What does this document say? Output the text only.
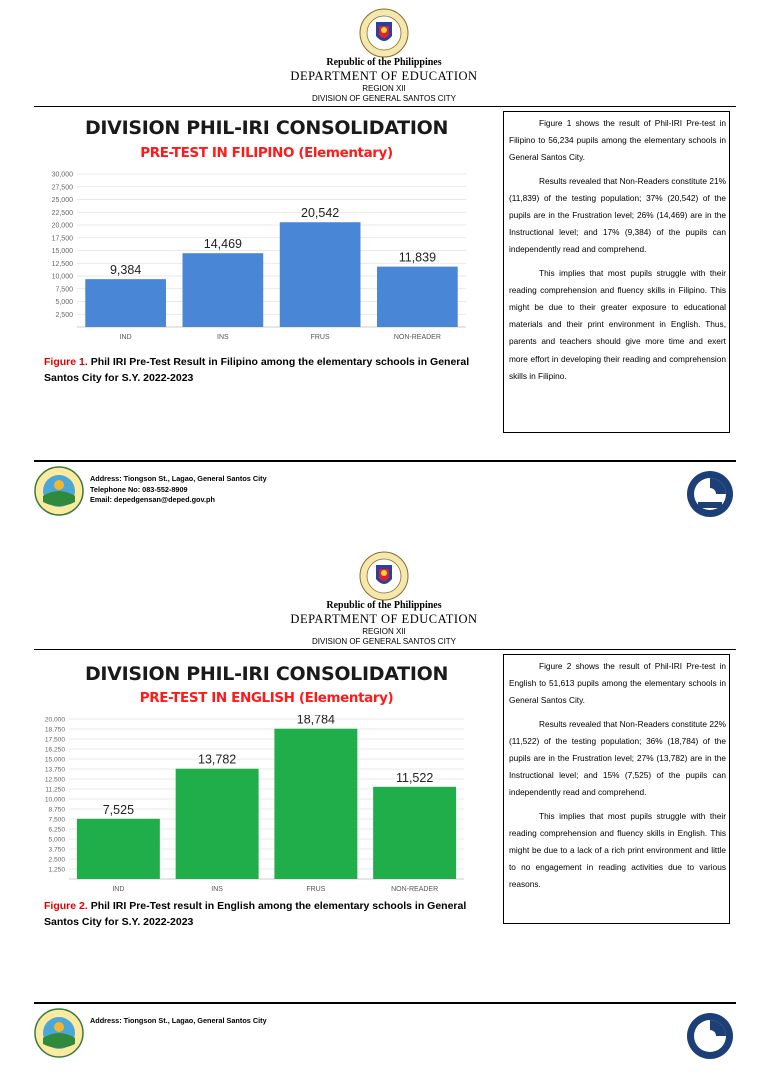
Republic of the Philippines
DEPARTMENT OF EDUCATION
REGION XII
DIVISION OF GENERAL SANTOS CITY
DIVISION PHIL-IRI CONSOLIDATION
PRE-TEST IN FILIPINO (Elementary)
2,500
5,000
7,500
10,000
12,500
15,000
17,500
20,000
22,500
25,000
27,500
30,000
9,384
IND
14,469
INS
20,542
FRUS
11,839
NON-READER
Figure 1. Phil IRI Pre-Test Result in Filipino among the elementary schools in General Santos City for S.Y. 2022-2023

Figure 1 shows the result of Phil-IRI Pre-test in Filipino to 56,234 pupils among the elementary schools in General Santos City.

Results revealed that Non-Readers constitute 21% (11,839) of the testing population; 37% (20,542) of the pupils are in the Frustration level; 26% (14,469) are in the Instructional level; and 17% (9,384) of the pupils can independently read and comprehend.

This implies that most pupils struggle with their reading comprehension and fluency skills in Filipino. This might be due to their greater exposure to educational materials and their print environment in English. Thus, parents and teachers should give more time and exert more effort in developing their reading and comprehension skills in Filipino.

Address: Tiongson St., Lagao, General Santos City
Telephone No: 083-552-8909
Email: depedgensan@deped.gov.ph
Republic of the Philippines
DEPARTMENT OF EDUCATION
REGION XII
DIVISION OF GENERAL SANTOS CITY
DIVISION PHIL-IRI CONSOLIDATION
PRE-TEST IN ENGLISH (Elementary)
1,250
2,500
3,750
5,000
6,250
7,500
8,750
10,000
11,250
12,500
13,750
15,000
16,250
17,500
18,750
20,000
7,525
IND
13,782
INS
18,784
FRUS
11,522
NON-READER
Figure 2. Phil IRI Pre-Test result in English among the elementary schools in General Santos City for S.Y. 2022-2023

Figure 2 shows the result of Phil-IRI Pre-test in English to 51,613 pupils among the elementary schools in General Santos City.

Results revealed that Non-Readers constitute 22% (11,522) of the testing population; 36% (18,784) of the pupils are in the Frustration level; 27% (13,782) are in the Instructional level; and 15% (7,525) of the pupils can independently read and comprehend.

This implies that most pupils struggle with their reading comprehension and fluency skills in English. This might be due to a lack of a rich print environment and little to no engagement in reading activities due to various reasons.

Address: Tiongson St., Lagao, General Santos City
